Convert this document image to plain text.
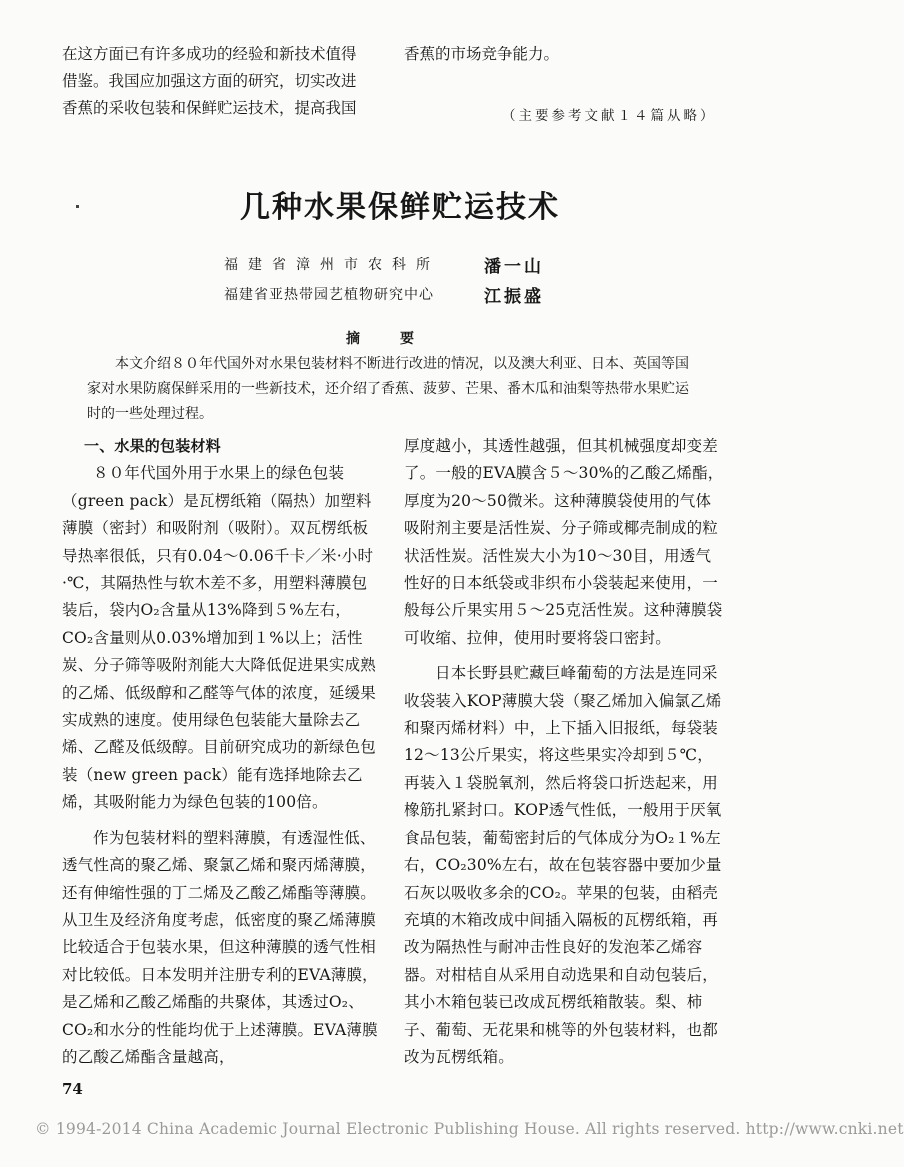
在这方面已有许多成功的经验和新技术值得
借鉴。我国应加强这方面的研究，切实改进
香蕉的采收包装和保鲜贮运技术，提高我国
香蕉的市场竞争能力。
（主要参考文献１４篇从略）
几种水果保鲜贮运技术
福建省漳州市农科所	潘一山
福建省亚热带园艺植物研究中心	江振盛
摘要
本文介绍８０年代国外对水果包装材料不断进行改进的情况，以及澳大利亚、日本、英国等国家对水果防腐保鲜采用的一些新技术，还介绍了香蕉、菠萝、芒果、番木瓜和油梨等热带水果贮运时的一些处理过程。
一、水果的包装材料

８０年代国外用于水果上的绿色包装（green pack）是瓦楞纸箱（隔热）加塑料薄膜（密封）和吸附剂（吸附）。双瓦楞纸板导热率很低，只有0.04～0.06千卡／米·小时·℃，其隔热性与软木差不多，用塑料薄膜包装后，袋内O₂含量从13%降到５%左右，CO₂含量则从0.03%增加到１%以上；活性炭、分子筛等吸附剂能大大降低促进果实成熟的乙烯、低级醇和乙醛等气体的浓度，延缓果实成熟的速度。使用绿色包装能大量除去乙烯、乙醛及低级醇。目前研究成功的新绿色包装（new green pack）能有选择地除去乙烯，其吸附能力为绿色包装的100倍。

作为包装材料的塑料薄膜，有透湿性低、透气性高的聚乙烯、聚氯乙烯和聚丙烯薄膜，还有伸缩性强的丁二烯及乙酸乙烯酯等薄膜。从卫生及经济角度考虑，低密度的聚乙烯薄膜比较适合于包装水果，但这种薄膜的透气性相对比较低。日本发明并注册专利的EVA薄膜，是乙烯和乙酸乙烯酯的共聚体，其透过O₂、CO₂和水分的性能均优于上述薄膜。EVA薄膜的乙酸乙烯酯含量越高，

厚度越小，其透性越强，但其机械强度却变差了。一般的EVA膜含５～30%的乙酸乙烯酯，厚度为20～50微米。这种薄膜袋使用的气体吸附剂主要是活性炭、分子筛或椰壳制成的粒状活性炭。活性炭大小为10～30目，用透气性好的日本纸袋或非织布小袋装起来使用，一般每公斤果实用５～25克活性炭。这种薄膜袋可收缩、拉伸，使用时要将袋口密封。

日本长野县贮藏巨峰葡萄的方法是连同采收袋装入KOP薄膜大袋（聚乙烯加入偏氯乙烯和聚丙烯材料）中，上下插入旧报纸，每袋装12～13公斤果实，将这些果实冷却到５℃，再装入１袋脱氧剂，然后将袋口折迭起来，用橡筋扎紧封口。KOP透气性低，一般用于厌氧食品包装，葡萄密封后的气体成分为O₂１%左右，CO₂30%左右，故在包装容器中要加少量石灰以吸收多余的CO₂。苹果的包装，由稻壳充填的木箱改成中间插入隔板的瓦楞纸箱，再改为隔热性与耐冲击性良好的发泡苯乙烯容器。对柑桔自从采用自动选果和自动包装后，其小木箱包装已改成瓦楞纸箱散装。梨、柿子、葡萄、无花果和桃等的外包装材料，也都改为瓦楞纸箱。

74
© 1994-2014 China Academic Journal Electronic Publishing House. All rights reserved. http://www.cnki.net
